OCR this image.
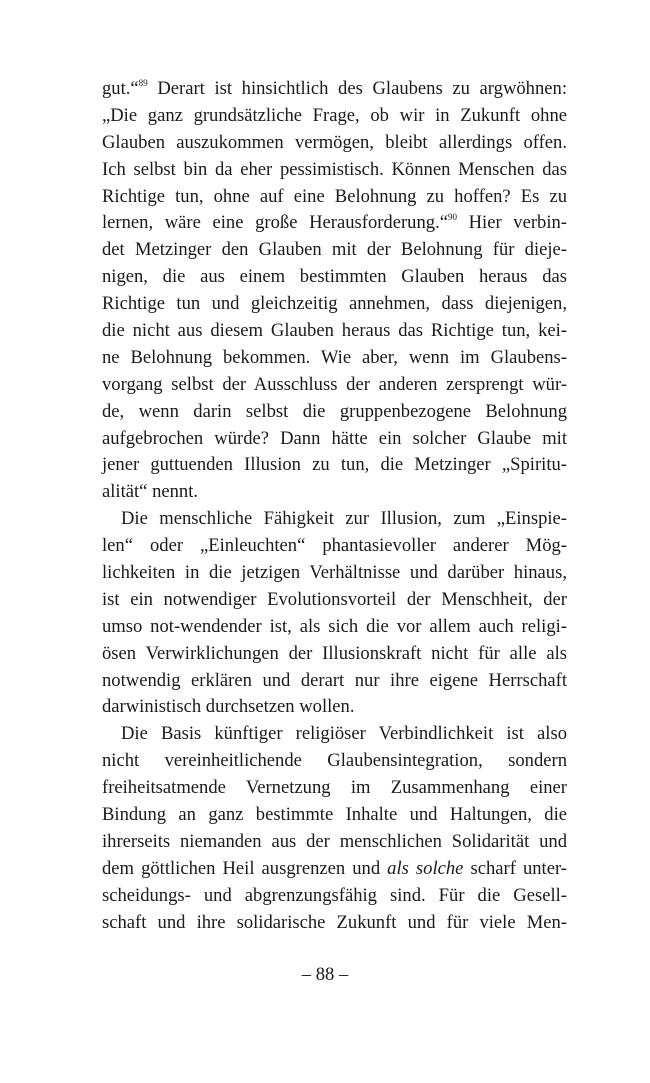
gut.“$^{89}$ Derart ist hinsichtlich des Glaubens zu argwöhnen:
„Die ganz grundsätzliche Frage, ob wir in Zukunft ohne
Glauben auszukommen vermögen, bleibt allerdings offen.
Ich selbst bin da eher pessimistisch. Können Menschen das
Richtige tun, ohne auf eine Belohnung zu hoffen? Es zu
lernen, wäre eine große Herausforderung.“$^{90}$ Hier verbin-
det Metzinger den Glauben mit der Belohnung für dieje-
nigen, die aus einem bestimmten Glauben heraus das
Richtige tun und gleichzeitig annehmen, dass diejenigen,
die nicht aus diesem Glauben heraus das Richtige tun, kei-
ne Belohnung bekommen. Wie aber, wenn im Glaubens-
vorgang selbst der Ausschluss der anderen zersprengt wür-
de, wenn darin selbst die gruppenbezogene Belohnung
aufgebrochen würde? Dann hätte ein solcher Glaube mit
jener guttuenden Illusion zu tun, die Metzinger „Spiritu-
alität“ nennt.
Die menschliche Fähigkeit zur Illusion, zum „Einspie-
len“ oder „Einleuchten“ phantasievoller anderer Mög-
lichkeiten in die jetzigen Verhältnisse und darüber hinaus,
ist ein notwendiger Evolutionsvorteil der Menschheit, der
umso not-wendender ist, als sich die vor allem auch religi-
ösen Verwirklichungen der Illusionskraft nicht für alle als
notwendig erklären und derart nur ihre eigene Herrschaft
darwinistisch durchsetzen wollen.
Die Basis künftiger religiöser Verbindlichkeit ist also
nicht vereinheitlichende Glaubensintegration, sondern
freiheitsatmende Vernetzung im Zusammenhang einer
Bindung an ganz bestimmte Inhalte und Haltungen, die
ihrerseits niemanden aus der menschlichen Solidarität und
dem göttlichen Heil ausgrenzen und als solche scharf unter-
scheidungs- und abgrenzungsfähig sind. Für die Gesell-
schaft und ihre solidarische Zukunft und für viele Men-
– 88 –
